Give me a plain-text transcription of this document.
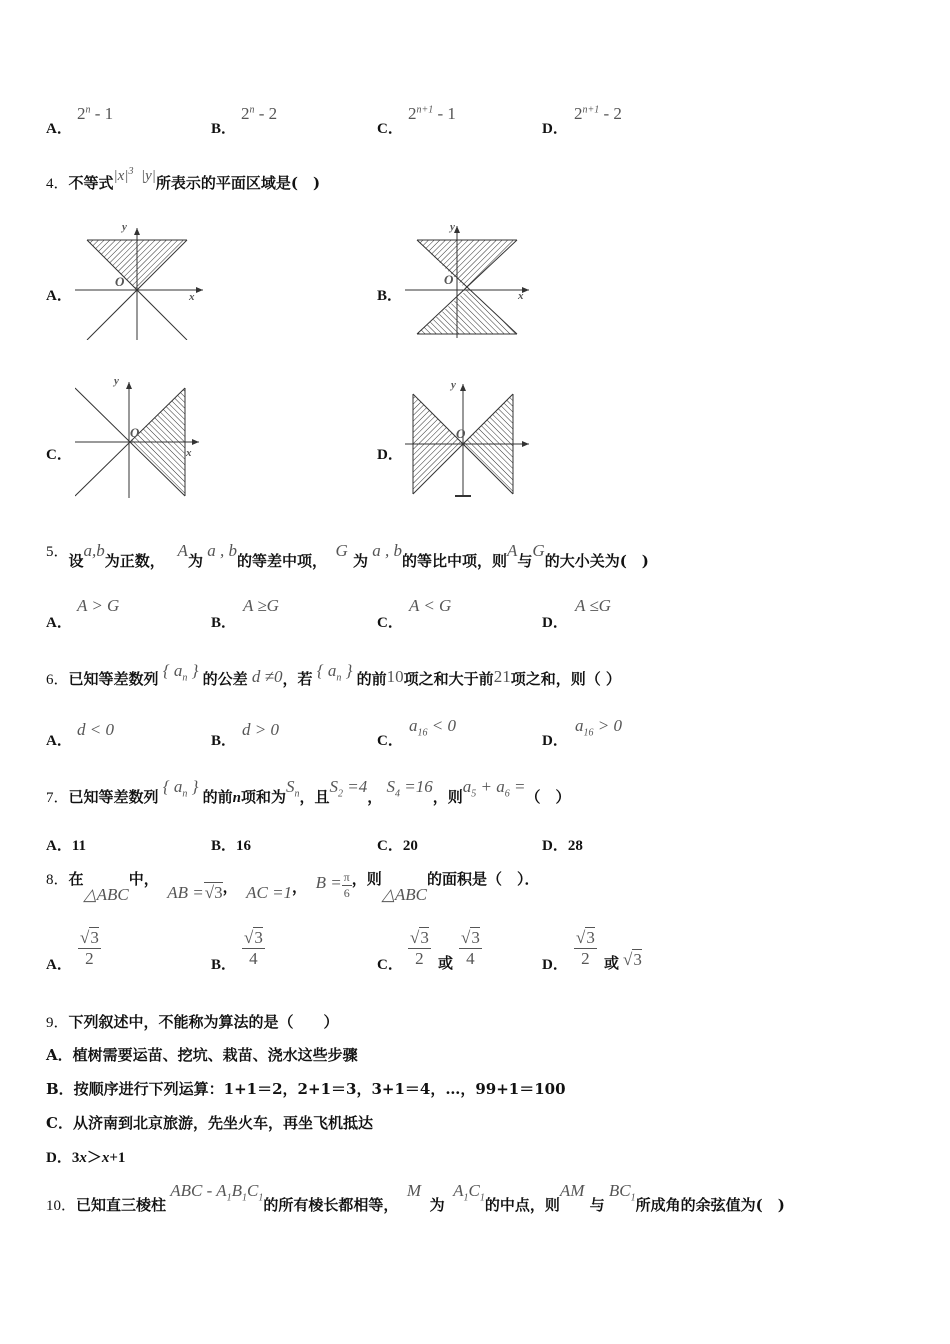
A．
2$^n$ - 1
B．
2$^n$ - 2
C．
$2^{n+1} - 1$
D．
$2^{n+1} - 2$
4．不等式$|x|^3$  |y|所表示的平面区域是(　)
A．	B．
C．	D．
y
x
O
y
x
O
y
x
O
y
O
5．设a,b为正数，   A为 a , b的等差中项，  G 为 a , b的等比中项，则A与G的大小关为(　)
A．
A > G
B．
A ≥G
C．
A < G
D．
A ≤G
6．已知等差数列 { $a_n$ } 的公差 d ≠0，若 { $a_n$ } 的前10项之和大于前21项之和，则（ ）
A．
d < 0
B．
d > 0
C．
$a_{16} < 0$
D．
$a_{16} > 0$
7．已知等差数列 { $a_n$ } 的前n项和为$S_n$，且$S_2 =4$， $S_4 =16$，则$a_5 + a_6$ =（　）
A．11	B．16	C．20	D．28
8．在△ABC中，  AB =√3， AC =1， $B = \frac{\pi}{6}$ ，则△ABC的面积是（　）．
A． $\frac{√3}{2}$	B． $\frac{√3}{4}$	C． $\frac{√3}{2}$ 或 $\frac{√3}{4}$	D． $\frac{√3}{2}$ 或 √3
9．下列叙述中，不能称为算法的是（　　）
A．植树需要运苗、挖坑、栽苗、浇水这些步骤
B．按顺序进行下列运算：1+1＝2，2+1＝3，3+1＝4，…，99+1＝100
C．从济南到北京旅游，先坐火车，再坐飞机抵达
D．3x＞x+1
10．已知直三棱柱 ABC - $A_1B_1C_1$的所有棱长都相等，  M  为  $A_1C_1$的中点，则AM 与 $BC_1$所成角的余弦值为(　)
